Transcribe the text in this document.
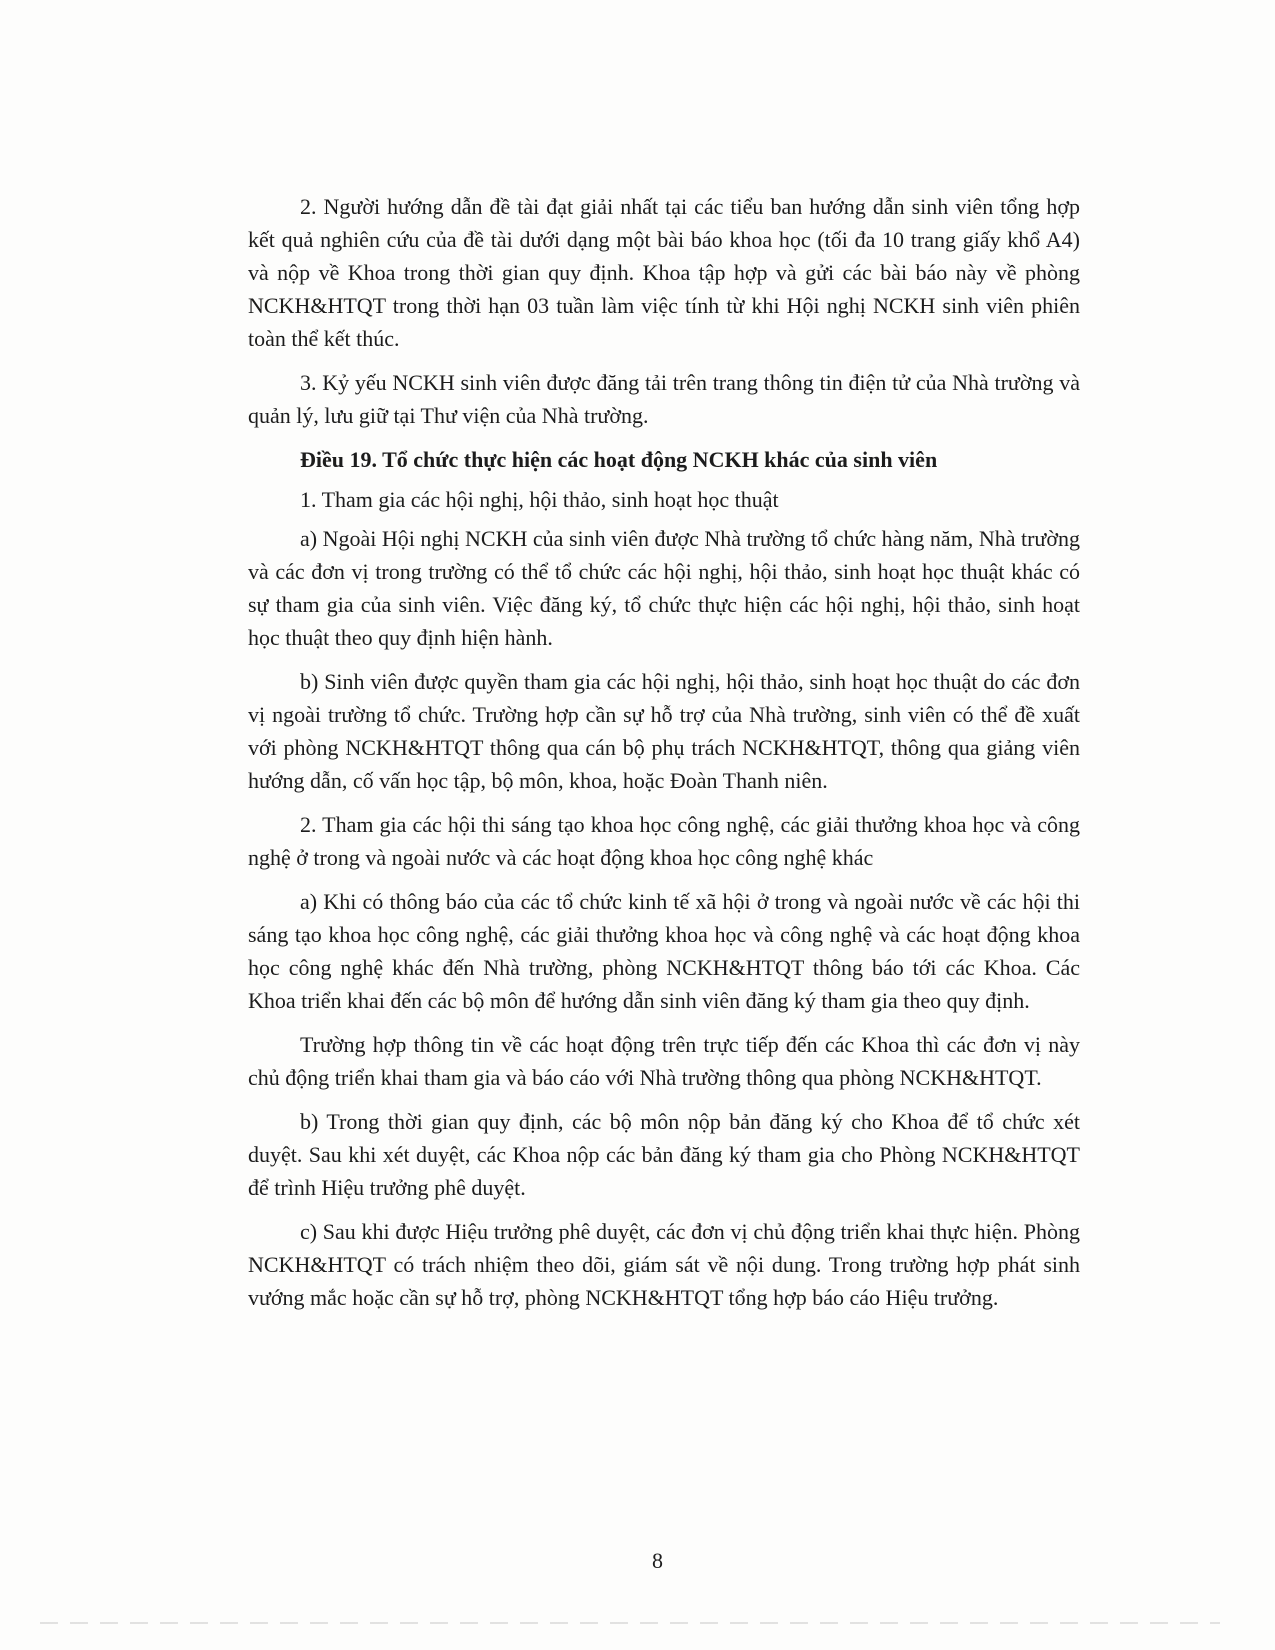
2. Người hướng dẫn đề tài đạt giải nhất tại các tiểu ban hướng dẫn sinh viên tổng hợp kết quả nghiên cứu của đề tài dưới dạng một bài báo khoa học (tối đa 10 trang giấy khổ A4) và nộp về Khoa trong thời gian quy định. Khoa tập hợp và gửi các bài báo này về phòng NCKH&HTQT trong thời hạn 03 tuần làm việc tính từ khi Hội nghị NCKH sinh viên phiên toàn thể kết thúc.

3. Kỷ yếu NCKH sinh viên được đăng tải trên trang thông tin điện tử của Nhà trường và quản lý, lưu giữ tại Thư viện của Nhà trường.

Điều 19. Tổ chức thực hiện các hoạt động NCKH khác của sinh viên

1. Tham gia các hội nghị, hội thảo, sinh hoạt học thuật

a) Ngoài Hội nghị NCKH của sinh viên được Nhà trường tổ chức hàng năm, Nhà trường và các đơn vị trong trường có thể tổ chức các hội nghị, hội thảo, sinh hoạt học thuật khác có sự tham gia của sinh viên. Việc đăng ký, tổ chức thực hiện các hội nghị, hội thảo, sinh hoạt học thuật theo quy định hiện hành.

b) Sinh viên được quyền tham gia các hội nghị, hội thảo, sinh hoạt học thuật do các đơn vị ngoài trường tổ chức. Trường hợp cần sự hỗ trợ của Nhà trường, sinh viên có thể đề xuất với phòng NCKH&HTQT thông qua cán bộ phụ trách NCKH&HTQT, thông qua giảng viên hướng dẫn, cố vấn học tập, bộ môn, khoa, hoặc Đoàn Thanh niên.

2. Tham gia các hội thi sáng tạo khoa học công nghệ, các giải thưởng khoa học và công nghệ ở trong và ngoài nước và các hoạt động khoa học công nghệ khác

a) Khi có thông báo của các tổ chức kinh tế xã hội ở trong và ngoài nước về các hội thi sáng tạo khoa học công nghệ, các giải thưởng khoa học và công nghệ và các hoạt động khoa học công nghệ khác đến Nhà trường, phòng NCKH&HTQT thông báo tới các Khoa. Các Khoa triển khai đến các bộ môn để hướng dẫn sinh viên đăng ký tham gia theo quy định.

Trường hợp thông tin về các hoạt động trên trực tiếp đến các Khoa thì các đơn vị này chủ động triển khai tham gia và báo cáo với Nhà trường thông qua phòng NCKH&HTQT.

b) Trong thời gian quy định, các bộ môn nộp bản đăng ký cho Khoa để tổ chức xét duyệt. Sau khi xét duyệt, các Khoa nộp các bản đăng ký tham gia cho Phòng NCKH&HTQT để trình Hiệu trưởng phê duyệt.

c) Sau khi được Hiệu trưởng phê duyệt, các đơn vị chủ động triển khai thực hiện. Phòng NCKH&HTQT có trách nhiệm theo dõi, giám sát về nội dung. Trong trường hợp phát sinh vướng mắc hoặc cần sự hỗ trợ, phòng NCKH&HTQT tổng hợp báo cáo Hiệu trưởng.

8
